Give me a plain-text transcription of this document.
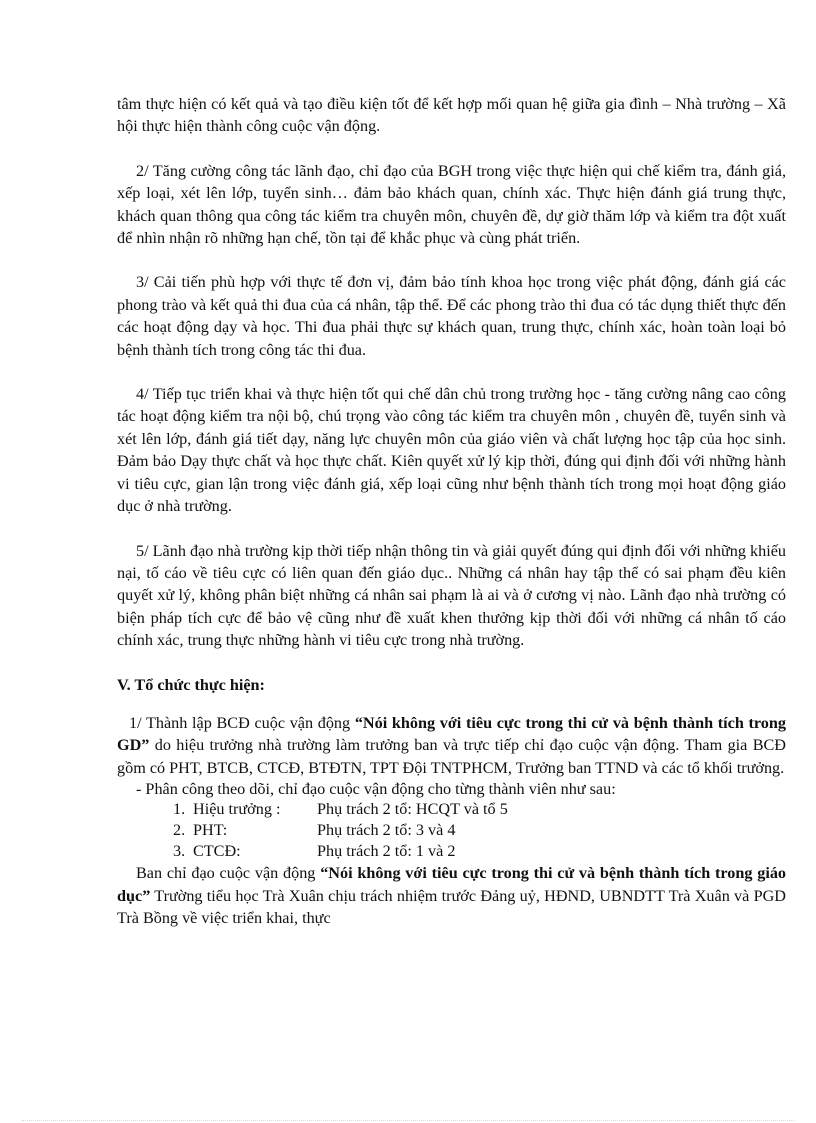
tâm thực hiện có kết quả và tạo điều kiện tốt để kết hợp mối quan hệ giữa gia đình – Nhà trường – Xã hội thực hiện thành công cuộc vận động.

2/ Tăng cường công tác lãnh đạo, chỉ đạo của BGH trong việc thực hiện qui chế kiểm tra, đánh giá, xếp loại, xét lên lớp, tuyển sinh… đảm bảo khách quan, chính xác. Thực hiện đánh giá trung thực, khách quan thông qua công tác kiểm tra chuyên môn, chuyên đề, dự giờ thăm lớp và kiểm tra đột xuất để nhìn nhận rõ những hạn chế, tồn tại để khắc phục và cùng phát triển.

3/ Cải tiến phù hợp với thực tế đơn vị, đảm bảo tính khoa học trong việc phát động, đánh giá các phong trào và kết quả thi đua của cá nhân, tập thể. Để các phong trào thi đua có tác dụng thiết thực đến các hoạt động dạy và học. Thi đua phải thực sự khách quan, trung thực, chính xác, hoàn toàn loại bỏ bệnh thành tích trong công tác thi đua.

4/ Tiếp tục triển khai và thực hiện tốt qui chế dân chủ trong trường học - tăng cường nâng cao công tác hoạt động kiểm tra nội bộ, chú trọng vào công tác kiểm tra chuyên môn , chuyên đề, tuyển sinh và xét lên lớp, đánh giá tiết dạy, năng lực chuyên môn của giáo viên và chất lượng học tập của học sinh. Đảm bảo Dạy thực chất và học thực chất. Kiên quyết xử lý kịp thời, đúng qui định đối với những hành vi tiêu cực, gian lận trong việc đánh giá, xếp loại cũng như bệnh thành tích trong mọi hoạt động giáo dục ở nhà trường.

5/ Lãnh đạo nhà trường kịp thời tiếp nhận thông tin và giải quyết đúng qui định đối với những khiếu nại, tố cáo về tiêu cực có liên quan đến giáo dục.. Những cá nhân hay tập thể có sai phạm đều kiên quyết xử lý, không phân biệt những cá nhân sai phạm là ai và ở cương vị nào. Lãnh đạo nhà trường có biện pháp tích cực để bảo vệ cũng như đề xuất khen thưởng kịp thời đối với những cá nhân tố cáo chính xác, trung thực những hành vi tiêu cực trong nhà trường.

V. Tổ chức thực hiện:

1/ Thành lập BCĐ cuộc vận động “Nói không với tiêu cực trong thi cử và bệnh thành tích trong GD” do hiệu trưởng nhà trường làm trưởng ban và trực tiếp chỉ đạo cuộc vận động. Tham gia BCĐ gồm có PHT, BTCB, CTCĐ, BTĐTN, TPT Đội TNTPHCM, Trưởng ban TTND và các tổ khối trưởng.

- Phân công theo dõi, chỉ đạo cuộc vận động cho từng thành viên như sau:

1. Hiệu trưởng :	Phụ trách 2 tổ: HCQT và tổ 5
2. PHT:	Phụ trách 2 tổ: 3 và 4
3. CTCĐ:	Phụ trách 2 tổ: 1 và 2

Ban chỉ đạo cuộc vận động “Nói không với tiêu cực trong thi cử và bệnh thành tích trong giáo dục” Trường tiểu học Trà Xuân chịu trách nhiệm trước Đảng uỷ, HĐND, UBNDTT Trà Xuân và PGD Trà Bồng về việc triển khai, thực
